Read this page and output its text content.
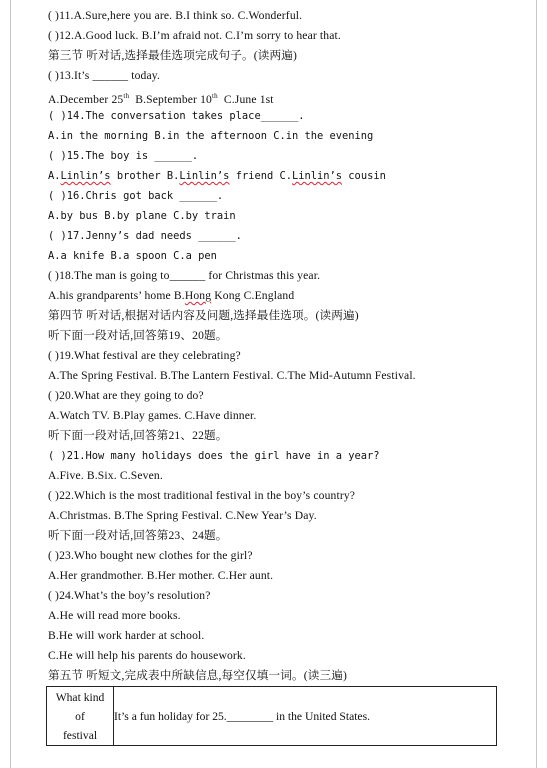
( )11.A.Sure,here you are. B.I think so. C.Wonderful.
( )12.A.Good luck. B.I’m afraid not. C.I’m sorry to hear that.
第三节 听对话,选择最佳选项完成句子。(读两遍)
( )13.It’s ______ today.
A.December 25th  B.September 10th  C.June 1st
( )14.The conversation takes place______.
A.in the morning B.in the afternoon C.in the evening
( )15.The boy is ______.
A.Linlin’s brother B.Linlin’s friend C.Linlin’s cousin
( )16.Chris got back ______.
A.by bus B.by plane C.by train
( )17.Jenny’s dad needs ______.
A.a knife B.a spoon C.a pen
( )18.The man is going to______ for Christmas this year.
A.his grandparents’ home B.Hong Kong C.England
第四节 听对话,根据对话内容及问题,选择最佳选项。(读两遍)
听下面一段对话,回答第19、20题。
( )19.What festival are they celebrating?
A.The Spring Festival. B.The Lantern Festival. C.The Mid-Autumn Festival.
( )20.What are they going to do?
A.Watch TV. B.Play games. C.Have dinner.
听下面一段对话,回答第21、22题。
( )21.How many holidays does the girl have in a year?
A.Five. B.Six. C.Seven.
( )22.Which is the most traditional festival in the boy’s country?
A.Christmas. B.The Spring Festival. C.New Year’s Day.
听下面一段对话,回答第23、24题。
( )23.Who bought new clothes for the girl?
A.Her grandmother. B.Her mother. C.Her aunt.
( )24.What’s the boy’s resolution?
A.He will read more books.
B.He will work harder at school.
C.He will help his parents do housework.
第五节 听短文,完成表中所缺信息,每空仅填一词。(读三遍)
What kind
of
festival
	It’s a fun holiday for 25.________ in the United States.
